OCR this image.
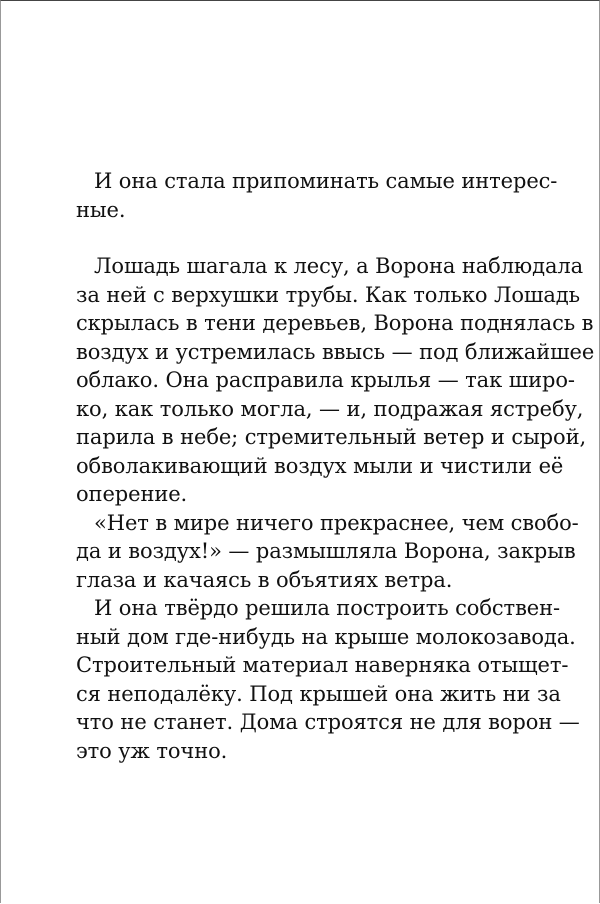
И она стала припоминать самые интерес-
ные.
Лошадь шагала к лесу, а Ворона наблюдала
за ней с верхушки трубы. Как только Лошадь
скрылась в тени деревьев, Ворона поднялась в
воздух и устремилась ввысь — под ближайшее
облако. Она расправила крылья — так широ-
ко, как только могла, — и, подражая ястребу,
парила в небе; стремительный ветер и сырой,
обволакивающий воздух мыли и чистили её
оперение.
«Нет в мире ничего прекраснее, чем свобо-
да и воздух!» — размышляла Ворона, закрыв
глаза и качаясь в объятиях ветра.
И она твёрдо решила построить собствен-
ный дом где-нибудь на крыше молокозавода.
Строительный материал наверняка отыщет-
ся неподалёку. Под крышей она жить ни за
что не станет. Дома строятся не для ворон —
это уж точно.
